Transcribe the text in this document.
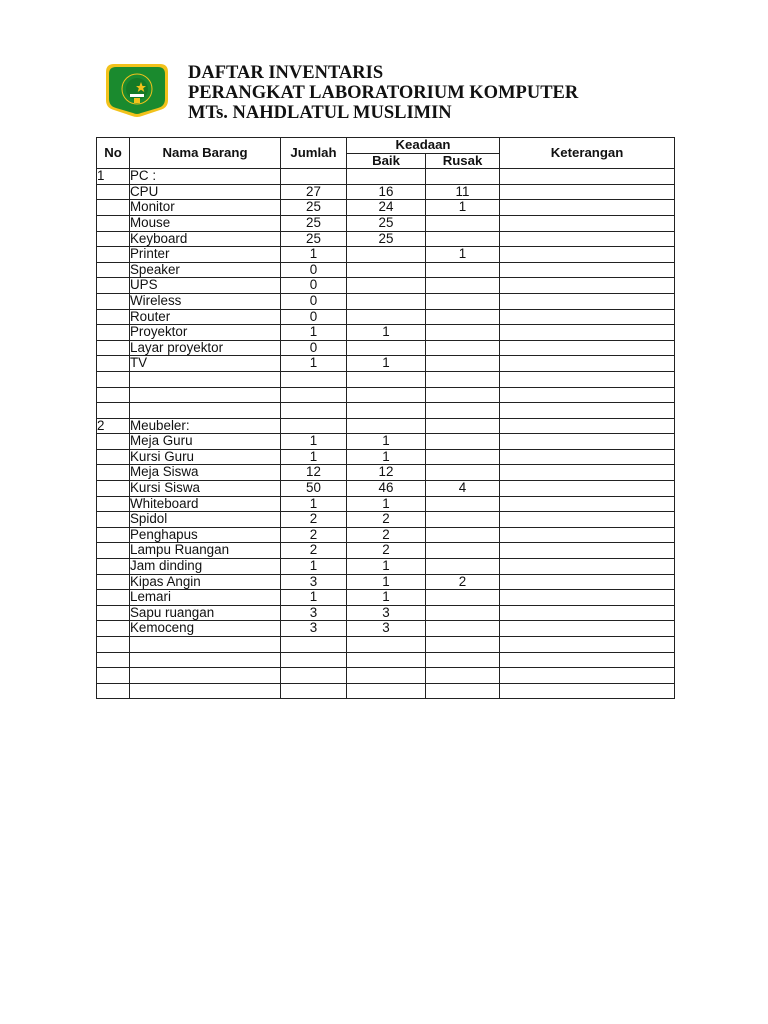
DAFTAR INVENTARIS
PERANGKAT LABORATORIUM KOMPUTER
MTs. NAHDLATUL MUSLIMIN
No	Nama Barang	Jumlah	Keadaan		Keterangan
			Baik	Rusak	
1	PC :				
	CPU	27	16	11	
	Monitor	25	24	1	
	Mouse	25	25		
	Keyboard	25	25		
	Printer	1		1	
	Speaker	0			
	UPS	0			
	Wireless	0			
	Router	0			
	Proyektor	1	1		
	Layar proyektor	0			
	TV	1	1		

2	Meubeler:				
	Meja Guru	1	1		
	Kursi Guru	1	1		
	Meja Siswa	12	12		
	Kursi Siswa	50	46	4	
	Whiteboard	1	1		
	Spidol	2	2		
	Penghapus	2	2		
	Lampu Ruangan	2	2		
	Jam dinding	1	1		
	Kipas Angin	3	1	2	
	Lemari	1	1		
	Sapu ruangan	3	3		
	Kemoceng	3	3		
